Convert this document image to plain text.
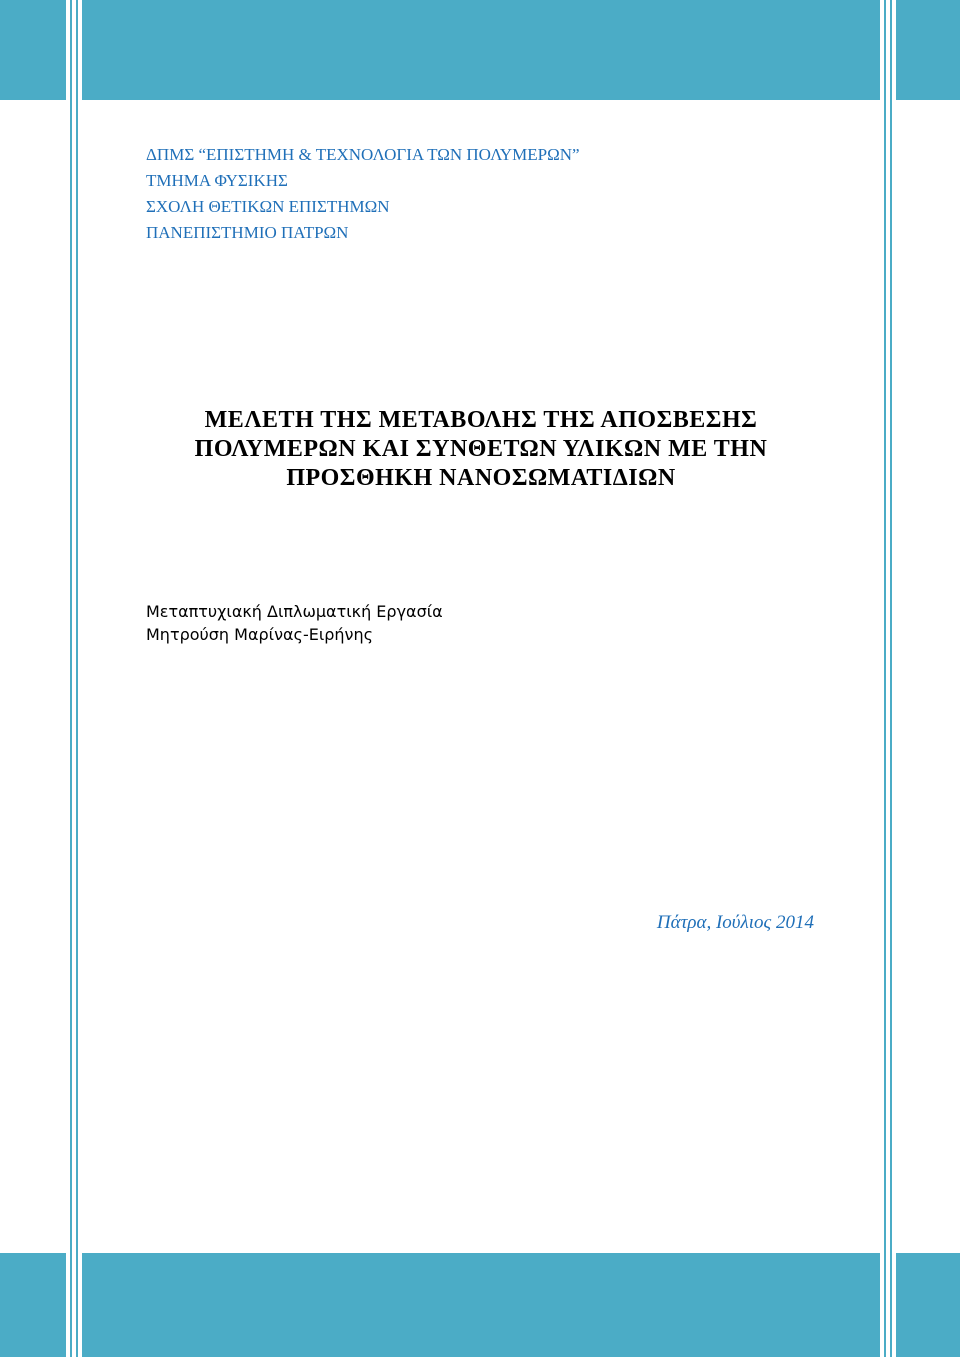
ΔΠΜΣ “ΕΠΙΣΤΗΜΗ & ΤΕΧΝΟΛΟΓΙΑ ΤΩΝ ΠΟΛΥΜΕΡΩΝ”
ΤΜΗΜΑ ΦΥΣΙΚΗΣ
ΣΧΟΛΗ ΘΕΤΙΚΩΝ ΕΠΙΣΤΗΜΩΝ
ΠΑΝΕΠΙΣΤΗΜΙΟ ΠΑΤΡΩΝ
ΜΕΛΕΤΗ ΤΗΣ ΜΕΤΑΒΟΛΗΣ ΤΗΣ ΑΠΟΣΒΕΣΗΣ
ΠΟΛΥΜΕΡΩΝ ΚΑΙ ΣΥΝΘΕΤΩΝ ΥΛΙΚΩΝ ΜΕ ΤΗΝ
ΠΡΟΣΘΗΚΗ ΝΑΝΟΣΩΜΑΤΙΔΙΩΝ
Μεταπτυχιακή Διπλωματική Εργασία
Μητρούση Μαρίνας-Ειρήνης
Πάτρα, Ιούλιος 2014
